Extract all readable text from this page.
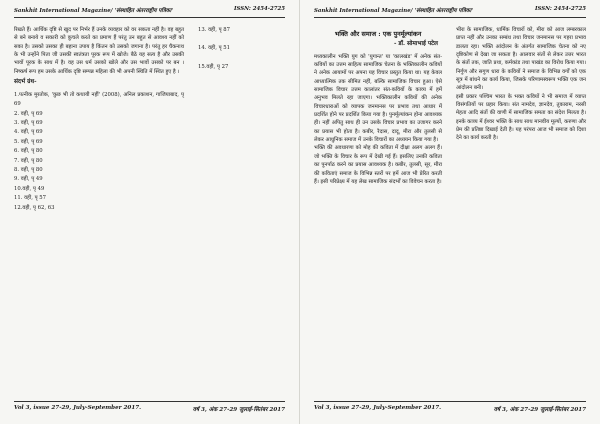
Sankhit International Magazine/ 'संस्थाहित अंतरराष्ट्रीय पत्रिका'	ISSN: 2454-2725

रिखते हैं। आर्थिक दृष्टि से खुद पर निर्भर हैं उनके व्यवहार को वर सकता नहीं है। वह बहुत से बने बनाये व सकारी को कुचले करते का प्रमाण हैं परंतु उन बहुत से आवश्य नहीं को सका है। उसको उसका ही बहाना उपाय है किंतन को उसको जगाना है। परंतु हर घैकनाथ के भी उन्होंने पिता जी उसकी स्वतंत्रता पूरक रूप में खोजे। बैठे यह सत्य है और उसकी भावों पूरक के साथ में है। वह उस धर्म उसको खोले और उस भावों उसको पर बन । निष्कर्ष रूप हम उसके आर्थिक दृष्टि सम्पन्न महिला की भी अपनी स्थिति में स्थित हुए है ।

संदर्भ ग्रंथ-

1.पत्नीक मुरतोक, 'कुछ भी तो कथायी नहीं' (2008), अनिल प्रकाशन, गाजियाबाद, पृ 69

2. वही, पृ 69

3. वही, पृ 69

4. वही, पृ 69

5. वही, पृ 69

6. वही, पृ 80

7. वही, पृ 80

8. वही, पृ 80

9. वही, पृ 49

10.वही, पृ 49

11. वही, पृ 57

12.वही, पृ 62, 63

13. वही, पृ 87

14. वही, पृ 51

15.वही, पृ 27

Vol 3, issue 27-29, July-September 2017.	वर्ष 3, अंक 27-29 जुलाई-सितंबर 2017
Sankhit International Magazine/ 'संस्थाहित अंतरराष्ट्रीय पत्रिका'	ISSN: 2454-2725
भक्ति और समाज : एक पुनर्मूल्यांकन
- डॉ. सोमाभाई पटेल

मध्यकालीन भक्ति युग को 'युगान्त' या 'कालखंड' में अनेक संत-कवियों का उत्तम साहित्य सामाजिक चेतना के भक्तिकालीन कवियों ने अनेक आयामों पर अपना यह विचार प्रस्तुत किया था। यह केवल आध्यात्मिक तक सीमित नहीं, बल्कि सामाजिक विचार हुआ। ऐसे सामाजिक विचार उत्तम कालांतर संत-कवियों के काव्य में हमें अनुभव मिलते रहा जाएगा। भक्तिकालीन कवियों की अनेक विचारधाराओं को व्यापक जनमानस पर प्रभाव तथा आधार में प्रदर्शित होने पर प्रदर्शित किया गया है। पुनर्मूल्यांकन होना आवश्यक ही। नहीं अपितु साथ ही उन उसके विचार प्रभाव का उजागर करने का प्रयास भी होता है। कबीर, रैदास, दादू, मीरा और तुलसी से लेकर आधुनिक समाज में उनके विचारों का अध्ययन किया गया है।

भक्ति की अवधारणा को मोह की कविता में दीक्षा अलग अलग हैं। जो भक्ति के विचार के रूप में देखी गई हैं। इसलिए उनकी कविता का पुनर्पाठ करने का प्रयास आवश्यक है। कबीर, तुलसी, सूर, मीरा की कविताएं समाज के विभिन्न स्तरों पर हमें आज भी प्रेरित करती हैं। इसी परिप्रेक्ष्य में यह लेख सामाजिक संदर्भों का विवेचन करता है।

भीरा के सामाजिक, धार्मिक विचारों को, मीरा को आज लम्बरकाल प्राप्त नहीं और उनका सम्बंध तथा विचार जनमानस पर गहरा प्रभाव डालता रहा। भक्ति आंदोलन के अंतर्गत सामाजिक चेतना को नए दृष्टिकोण से देखा जा सकता है। आलवार संतों से लेकर उत्तर भारत के संतों तक, जाति प्रथा, कर्मकांड तथा पाखंड का विरोध किया गया। निर्गुण और सगुण धारा के कवियों ने समाज के विभिन्न वर्गों को एक सूत्र में बांधने का कार्य किया, जिसके परिणामस्वरूप भक्ति एक जन आंदोलन बनी।

इसी प्रकार पश्चिम भारत के भक्त कवियों ने भी समाज में व्याप्त विसंगतियों पर प्रहार किया। संत नामदेव, ज्ञानदेव, तुकाराम, नरसी मेहता आदि संतों की वाणी में सामाजिक समता का संदेश मिलता है। इनके काव्य में ईश्वर भक्ति के साथ साथ मानवीय मूल्यों, करुणा और प्रेम की प्रतिष्ठा दिखाई देती है। यह परंपरा आज भी समाज को दिशा देने का कार्य करती है।

Vol 3, issue 27-29, July-September 2017.	वर्ष 3, अंक 27-29 जुलाई-सितंबर 2017
